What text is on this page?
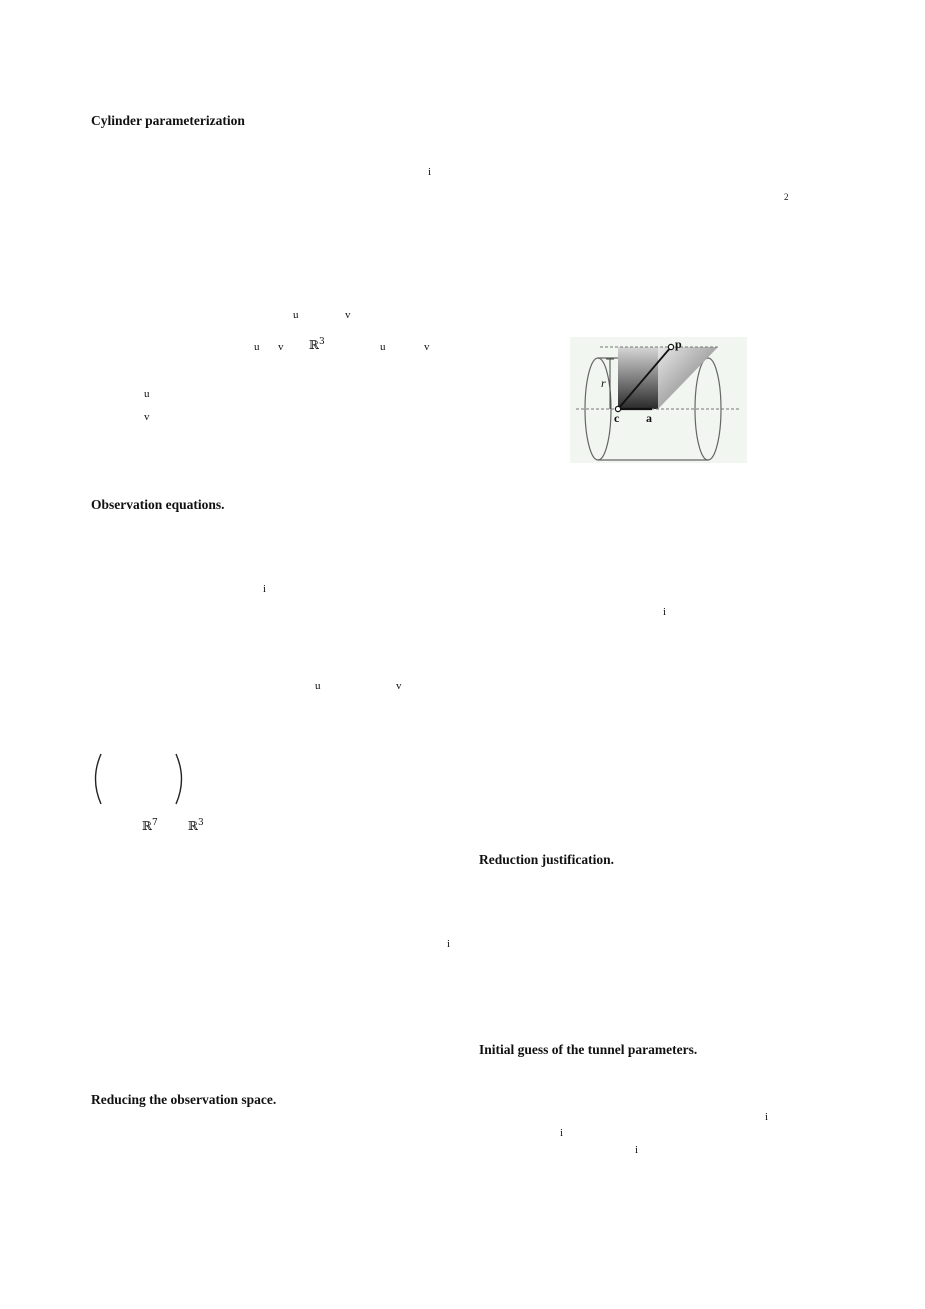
Cylinder parameterization
Observation equations.
Reducing the observation space.
Reduction justification.
Initial guess of the tunnel parameters.
i
2
u	v
u v ℝ$^3$	u	v
u
v
i
i
u	v
ℝ$^7$	ℝ$^3$
i
i
i
i
p
c a
r
